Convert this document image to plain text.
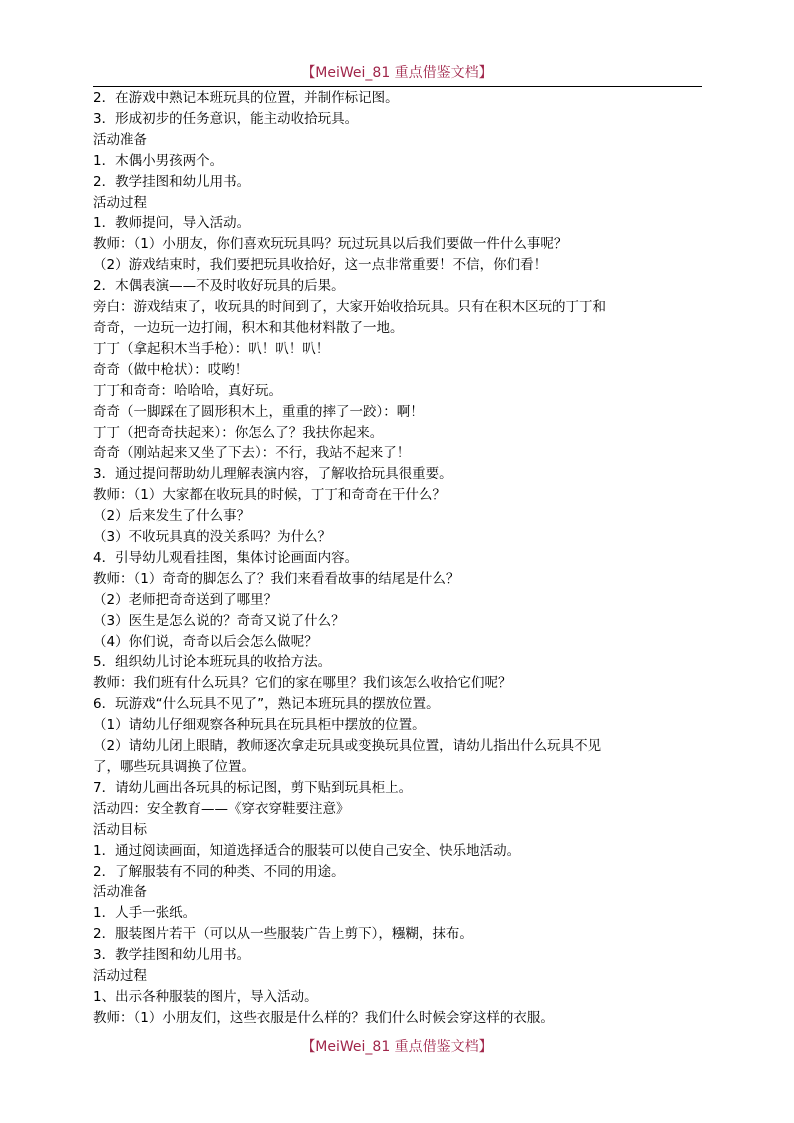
【MeiWei_81 重点借鉴文档】
2．在游戏中熟记本班玩具的位置，并制作标记图。
3．形成初步的任务意识，能主动收拾玩具。
活动准备
1．木偶小男孩两个。
2．教学挂图和幼儿用书。
活动过程
1．教师提问，导入活动。
教师：（1）小朋友，你们喜欢玩玩具吗？玩过玩具以后我们要做一件什么事呢？
（2）游戏结束时，我们要把玩具收拾好，这一点非常重要！不信，你们看！
2．木偶表演——不及时收好玩具的后果。
旁白：游戏结束了，收玩具的时间到了，大家开始收拾玩具。只有在积木区玩的丁丁和
奇奇，一边玩一边打闹，积木和其他材料散了一地。
丁丁（拿起积木当手枪）：叭！叭！叭！
奇奇（做中枪状）：哎哟！
丁丁和奇奇：哈哈哈，真好玩。
奇奇（一脚踩在了圆形积木上，重重的摔了一跤）：啊！
丁丁（把奇奇扶起来）：你怎么了？我扶你起来。
奇奇（刚站起来又坐了下去）：不行，我站不起来了！
3．通过提问帮助幼儿理解表演内容，了解收拾玩具很重要。
教师：（1）大家都在收玩具的时候，丁丁和奇奇在干什么？
（2）后来发生了什么事？
（3）不收玩具真的没关系吗？为什么？
4．引导幼儿观看挂图，集体讨论画面内容。
教师：（1）奇奇的脚怎么了？我们来看看故事的结尾是什么？
（2）老师把奇奇送到了哪里？
（3）医生是怎么说的？奇奇又说了什么？
（4）你们说，奇奇以后会怎么做呢？
5．组织幼儿讨论本班玩具的收拾方法。
教师：我们班有什么玩具？它们的家在哪里？我们该怎么收拾它们呢？
6．玩游戏“什么玩具不见了”，熟记本班玩具的摆放位置。
（1）请幼儿仔细观察各种玩具在玩具柜中摆放的位置。
（2）请幼儿闭上眼睛，教师逐次拿走玩具或变换玩具位置，请幼儿指出什么玩具不见
了，哪些玩具调换了位置。
7．请幼儿画出各玩具的标记图，剪下贴到玩具柜上。
活动四：安全教育——《穿衣穿鞋要注意》
活动目标
1．通过阅读画面，知道选择适合的服装可以使自己安全、快乐地活动。
2．了解服装有不同的种类、不同的用途。
活动准备
1．人手一张纸。
2．服装图片若干（可以从一些服装广告上剪下），糨糊，抹布。
3．教学挂图和幼儿用书。
活动过程
1、出示各种服装的图片，导入活动。
教师：（1）小朋友们，这些衣服是什么样的？我们什么时候会穿这样的衣服。
【MeiWei_81 重点借鉴文档】
